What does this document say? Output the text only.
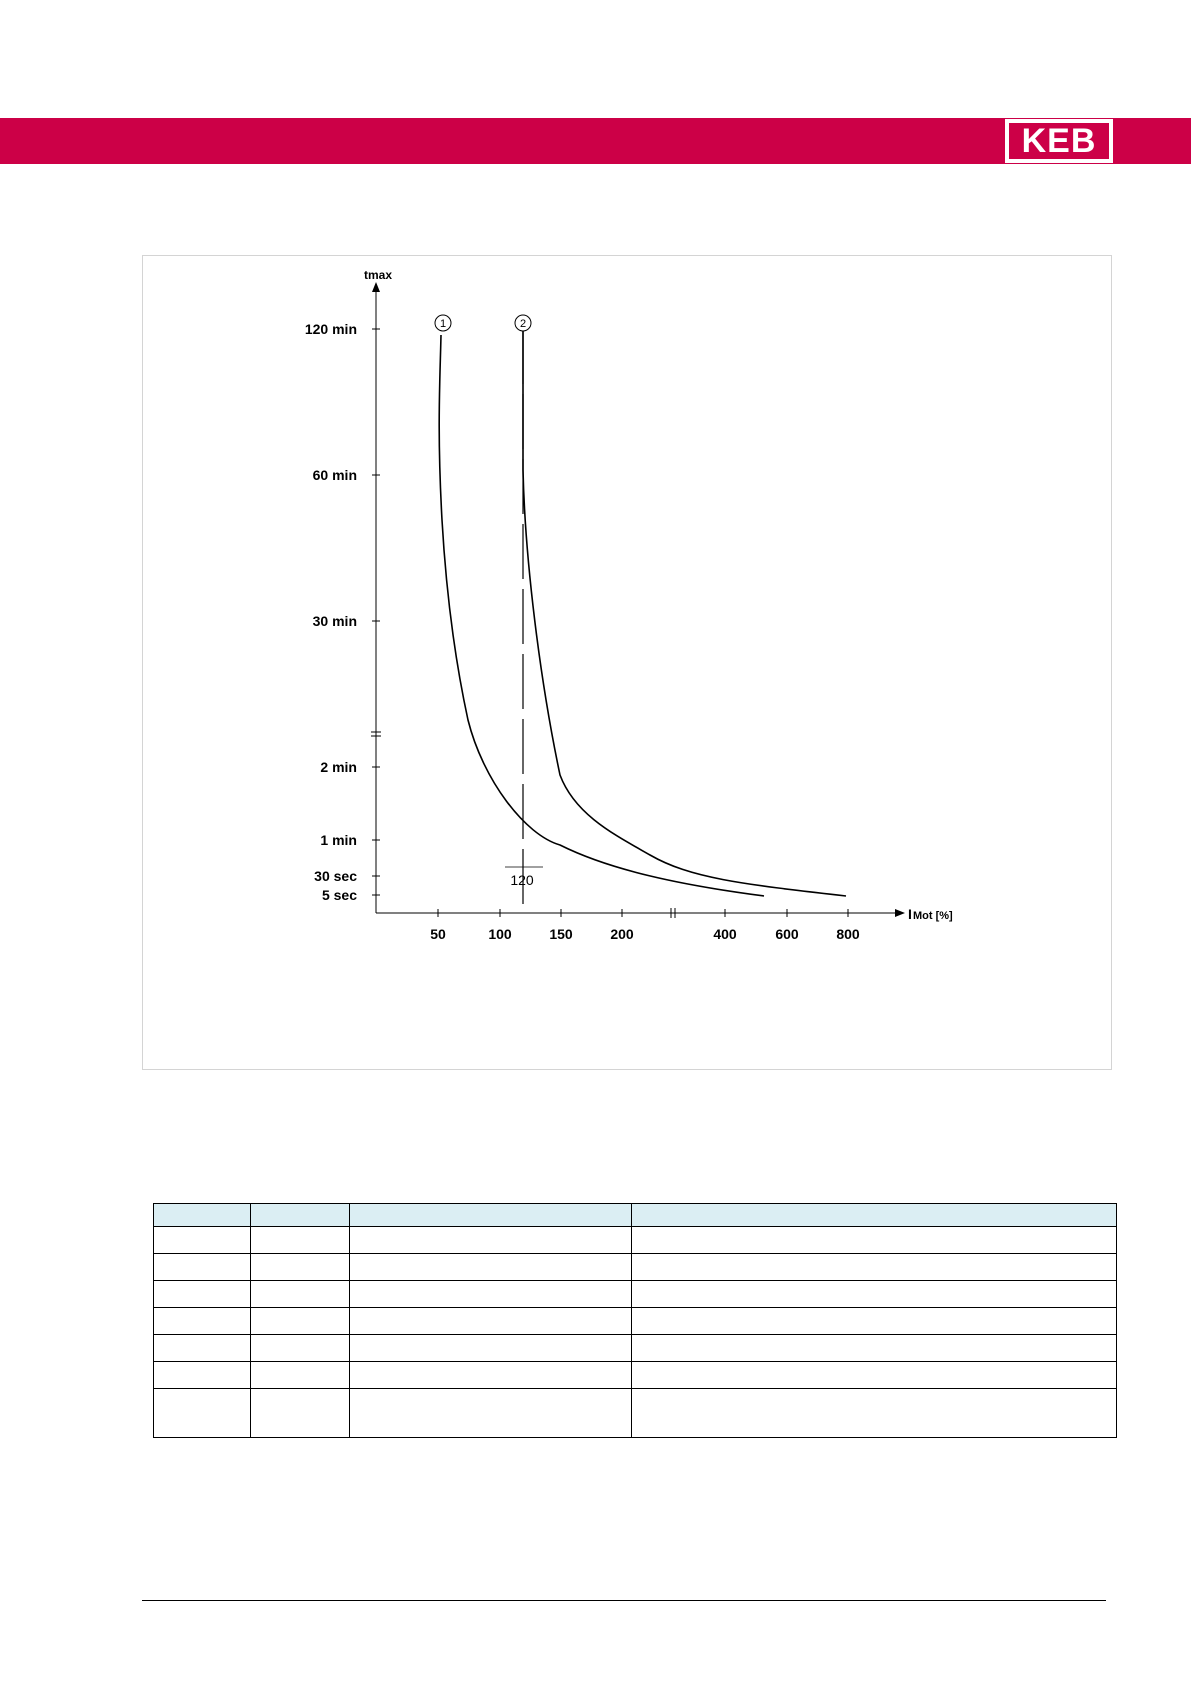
KEB
tmax
I Mot [%]
120 min
60 min
30 min
2 min
1 min
30 sec
5 sec
50	100	150	200	400	600	800
120
1	2
